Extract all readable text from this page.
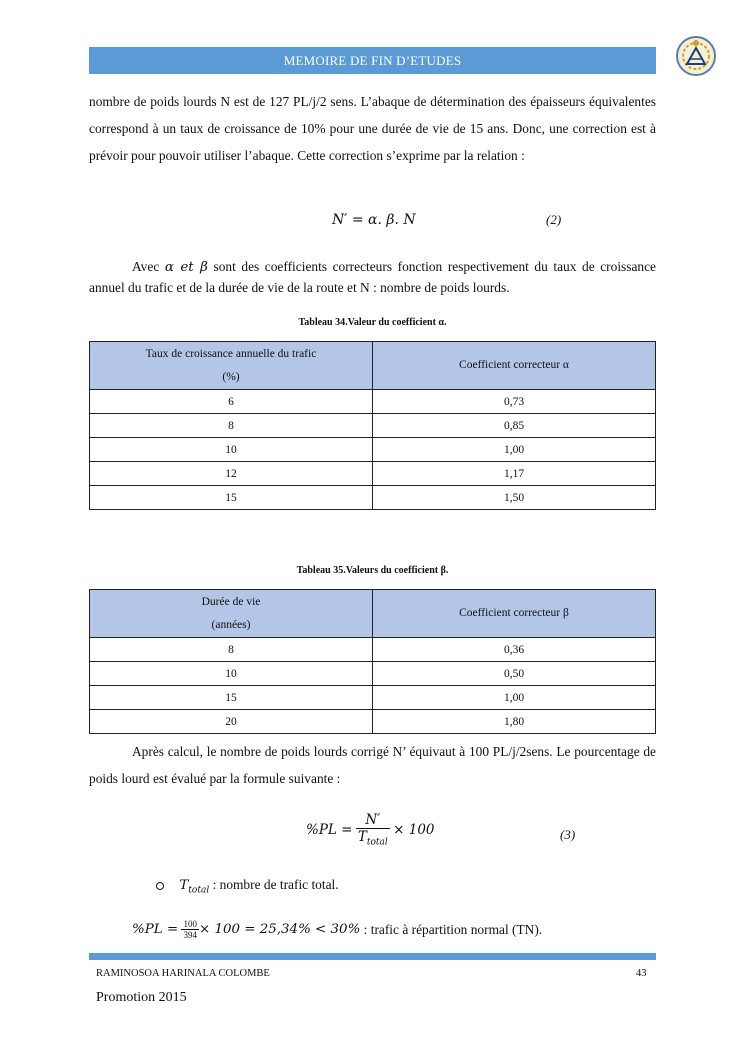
MEMOIRE DE FIN D’ETUDES

nombre de poids lourds N est de 127 PL/j/2 sens. L’abaque de détermination des épaisseurs équivalentes correspond à un taux de croissance de 10% pour une durée de vie de 15 ans. Donc, une correction est à prévoir pour pouvoir utiliser l’abaque. Cette correction s’exprime par la relation :

N′ = α. β. N	(2)

Avec α et β sont des coefficients correcteurs fonction respectivement du taux de croissance annuel du trafic et de la durée de vie de la route et N : nombre de poids lourds.

Tableau 34.Valeur du coefficient α.
Taux de croissance annuelle du trafic
(%)	Coefficient correcteur α
6	0,73
8	0,85
10	1,00
12	1,17
15	1,50
Tableau 35.Valeurs du coefficient β.
Durée de vie
(années)	Coefficient correcteur β
8	0,36
10	0,50
15	1,00
20	1,80

Après calcul, le nombre de poids lourds corrigé N’ équivaut à 100 PL/j/2sens. Le pourcentage de poids lourd est évalué par la formule suivante :

%PL =
$\frac{N'}{T_{total}}$
× 100	(3)
$T_{total}$ : nombre de trafic total.
%PL =
$\frac{100}{394} \times 100 = 25,34\% < 30\%$
: trafic à répartition normal (TN).
RAMINOSOA HARINALA COLOMBE	43
Promotion 2015
